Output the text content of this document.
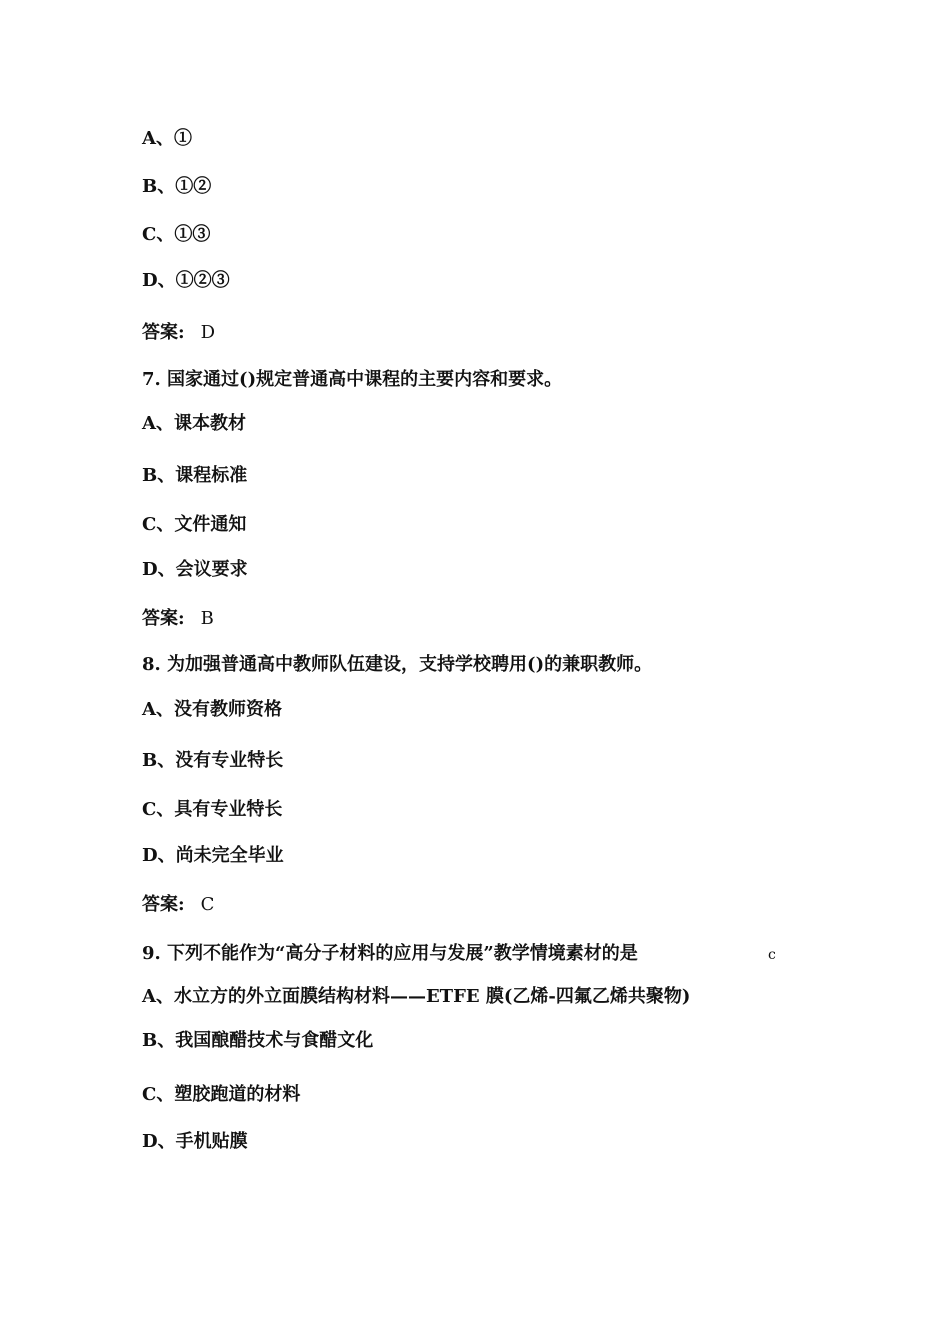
A、①
B、①②
C、①③
D、①②③
答案: D
7. 国家通过()规定普通高中课程的主要内容和要求。
A、课本教材
B、课程标准
C、文件通知
D、会议要求
答案: B
8. 为加强普通高中教师队伍建设，支持学校聘用()的兼职教师。
A、没有教师资格
B、没有专业特长
C、具有专业特长
D、尚未完全毕业
答案: C
9. 下列不能作为“高分子材料的应用与发展”教学情境素材的是	c
A、水立方的外立面膜结构材料——ETFE 膜(乙烯-四氟乙烯共聚物)
B、我国酿醋技术与食醋文化
C、塑胶跑道的材料
D、手机贴膜
